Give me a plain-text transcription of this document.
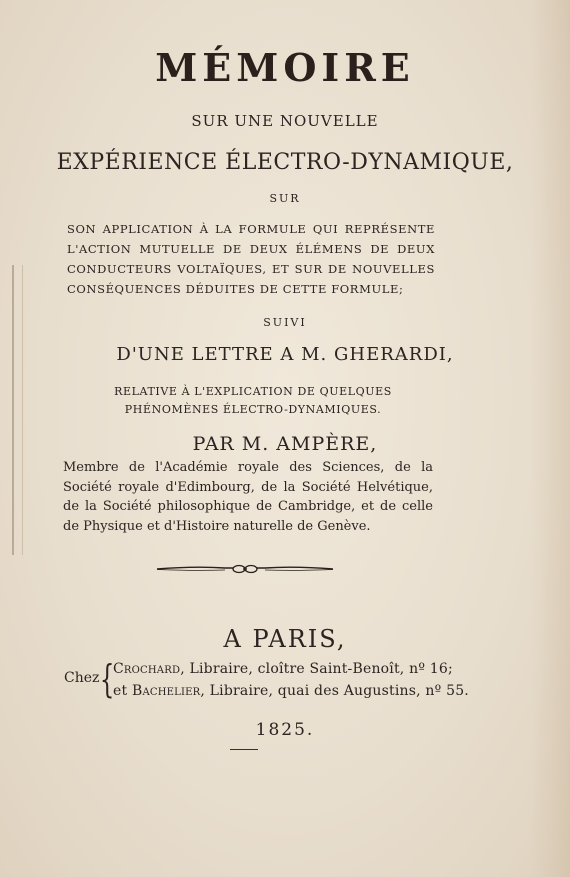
MÉMOIRE
SUR UNE NOUVELLE
EXPÉRIENCE ÉLECTRO-DYNAMIQUE,
SUR
SON APPLICATION À LA FORMULE QUI REPRÉSENTE L'ACTION MUTUELLE DE DEUX ÉLÉMENS DE DEUX CONDUCTEURS VOLTAÏQUES, ET SUR DE NOUVELLES CONSÉQUENCES DÉDUITES DE CETTE FORMULE;
SUIVI
D'UNE LETTRE A M. GHERARDI,
RELATIVE À L'EXPLICATION DE QUELQUES PHÉNOMÈNES ÉLECTRO-DYNAMIQUES.
PAR M. AMPÈRE,
Membre de l'Académie royale des Sciences, de la Société royale d'Edimbourg, de la Société Helvétique, de la Société philosophique de Cambridge, et de celle de Physique et d'Histoire naturelle de Genève.
A PARIS,
Chez {
Crochard, Libraire, cloître Saint-Benoît, nº 16;
et Bachelier, Libraire, quai des Augustins, nº 55.
1825.
